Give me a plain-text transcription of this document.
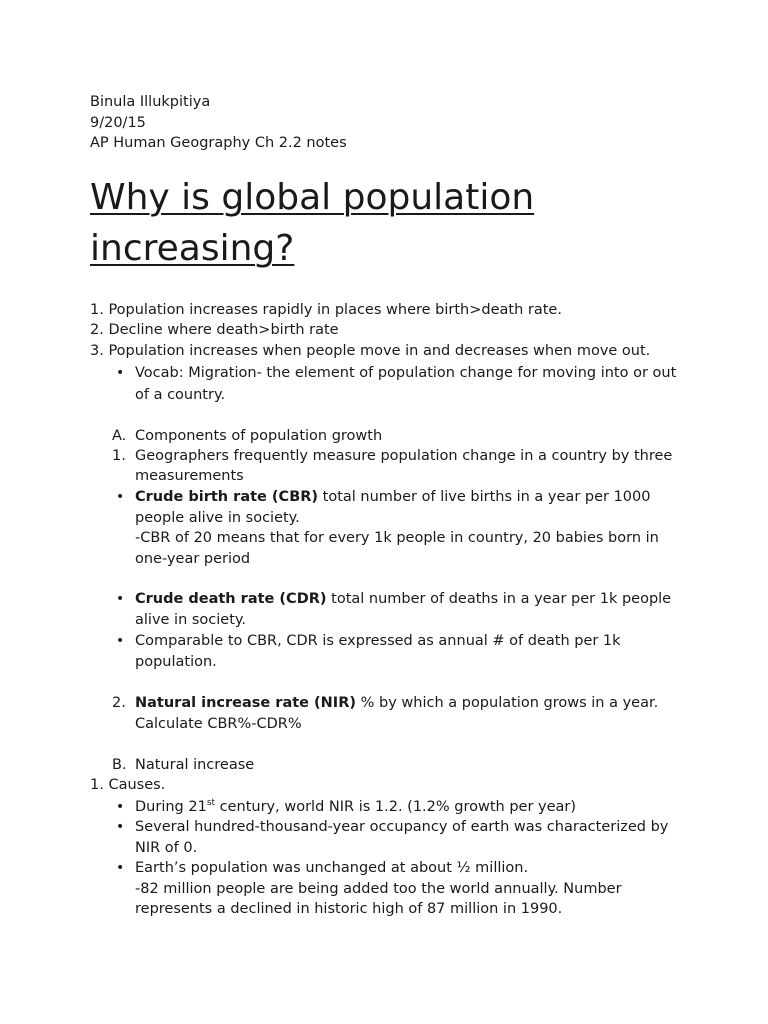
Binula Illukpitiya
9/20/15
AP Human Geography Ch 2.2 notes
Why is global population increasing?
1. Population increases rapidly in places where birth>death rate.
2. Decline where death>birth rate
3. Population increases when people move in and decreases when move out.
• Vocab: Migration- the element of population change for moving into or out of a country.
A. Components of population growth
1. Geographers frequently measure population change in a country by three measurements
• Crude birth rate (CBR) total number of live births in a year per 1000 people alive in society.
-CBR of 20 means that for every 1k people in country, 20 babies born in one-year period
• Crude death rate (CDR) total number of deaths in a year per 1k people alive in society.
• Comparable to CBR, CDR is expressed as annual # of death per 1k population.
2. Natural increase rate (NIR) % by which a population grows in a year. Calculate CBR%-CDR%
B. Natural increase
1. Causes.
• During 21st century, world NIR is 1.2. (1.2% growth per year)
• Several hundred-thousand-year occupancy of earth was characterized by NIR of 0.
• Earth’s population was unchanged at about ½ million.
-82 million people are being added too the world annually. Number represents a declined in historic high of 87 million in 1990.
